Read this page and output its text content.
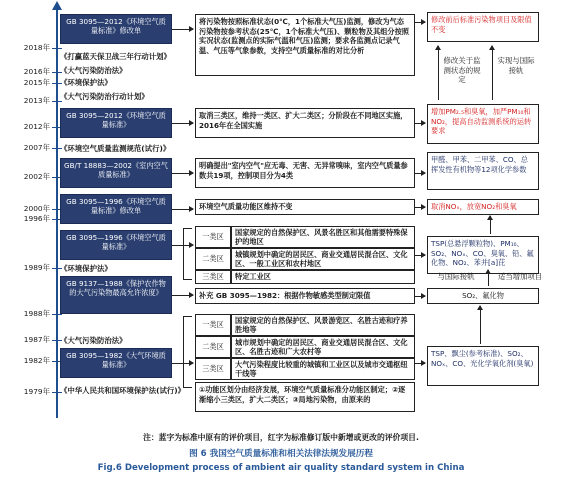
2018年
2016年
2015年
2013年
2012年
2007年
2002年
2000年
1996年
1989年
1988年
1987年
1982年
1979年
《打赢蓝天保卫战三年行动计划》
《大气污染防治法》
《环境保护法》
《大气污染防治行动计划》
《环境空气质量监测规范(试行)》
《环境保护法》
《大气污染防治法》
《中华人民共和国环境保护法(试行)》
GB 3095—2012《环境空气质量标准》修改单
GB 3095—2012《环境空气质量标准》
GB/T 18883—2002《室内空气质量标准》
GB 3095—1996《环境空气质量标准》修改单
GB 3095—1996《环境空气质量标准》
GB 9137—1988《保护农作物的大气污染物最高允许浓度》
GB 3095—1982《大气环境质量标准》
将污染物按照标准状态(0℃，1个标准大气压)监测，修改为气态污染物按参考状态(25℃，1个标准大气压)、颗粒物及其组分按照实况状态(监测点的实际气温和气压)监测；要求各监测点记录气温、气压等气象参数，支持空气质量标准的对比分析
取消三类区，维持一类区、扩大二类区；分阶段在不同地区实施，2016年在全国实施
明确提出"室内空气"应无毒、无害、无异常嗅味，室内空气质量参数共19项，控制项目分为4类
环境空气质量功能区维持不变
一类区	国家规定的自然保护区、风景名胜区和其他需要特殊保护的地区
二类区	城镇规划中确定的居民区、商业交通居民混合区、文化区、一般工业区和农村地区
三类区	特定工业区
补充 GB 3095—1982：根据作物敏感类型制定限值
一类区	国家规定的自然保护区、风景游览区、名胜古迹和疗养胜地等
二类区	城市规划中确定的居民区、商业交通居民混合区、文化区、名胜古迹和广大农村等
三类区	大气污染程度比较重的城镇和工业区以及城市交通枢纽干线等
①功能区划分由经济发展，环境空气质量标准分功能区制定；②逐渐缩小三类区，扩大二类区；③局地污染物，由原来的
修改前后标准污染物项目及限值不变
增加PM₂.₅和臭氧，加严PM₁₀和NO₂，提高自动监测系统的运转要求
甲醛、甲苯、二甲苯、CO、总挥发性有机物等12项化学参数
取消NOₓ，放宽NO₂和臭氧
TSP(总悬浮颗粒物)、PM₁₀、SO₂、NOₓ、CO、臭氧、铅、氟化物、NO₂、苯并[a]芘
SO₂、氟化物
TSP、飘尘(参考标准)、SO₂、NOₓ、CO、光化学氧化剂(臭氧)
修改关于监测状态的规定
实现与国际接轨
与国际接轨	适当增加项目
注：蓝字为标准中原有的评价项目，红字为标准修订版中新增或更改的评价项目.
图 6 我国空气质量标准和相关法律法规发展历程
Fig.6 Development process of ambient air quality standard system in China
